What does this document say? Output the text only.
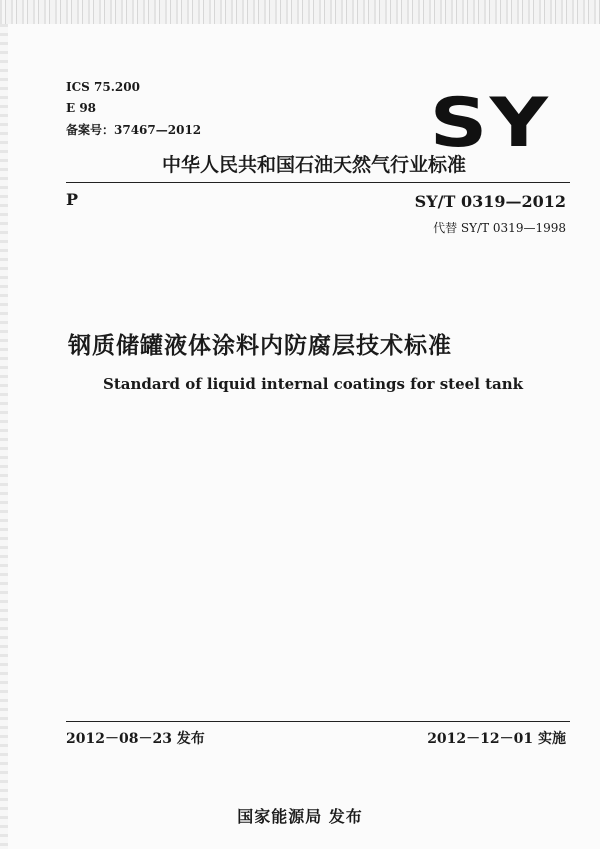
ICS 75.200
E 98
备案号：37467—2012	SY
中华人民共和国石油天然气行业标准
P	SY/T 0319—2012
代替 SY/T 0319—1998
钢质储罐液体涂料内防腐层技术标准
Standard of liquid internal coatings for steel tank
2012－08－23 发布	2012－12－01 实施
国家能源局 发布
